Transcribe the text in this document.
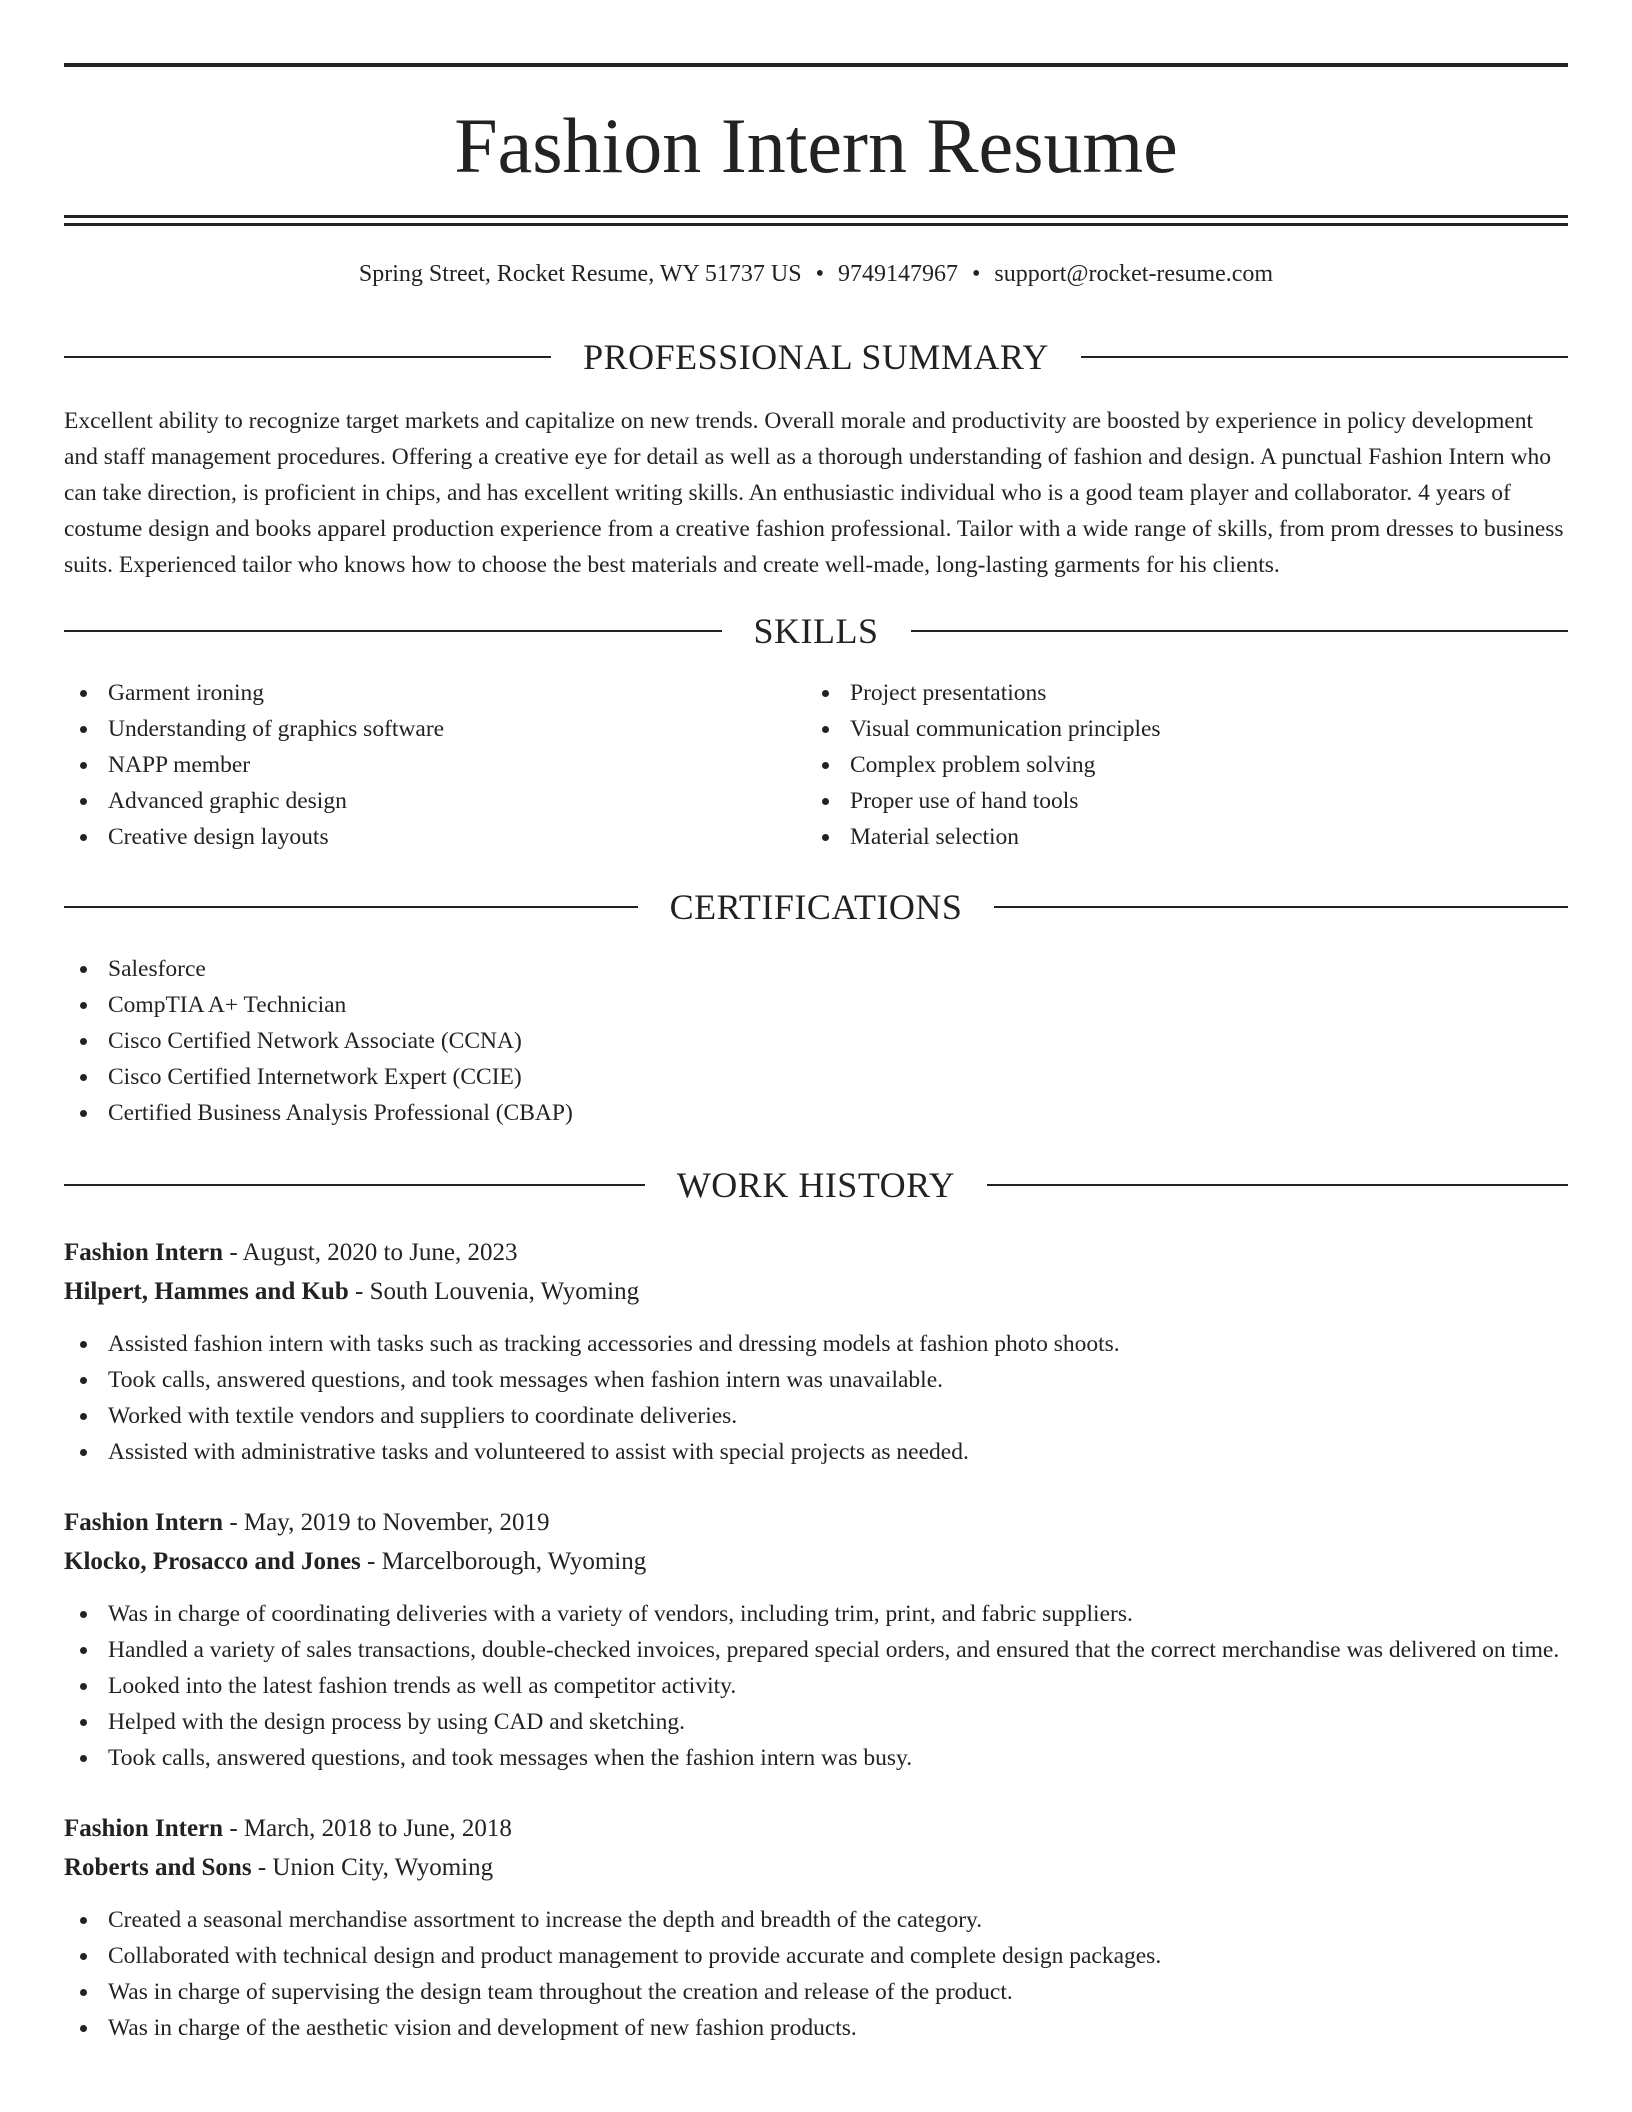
Fashion Intern Resume
Spring Street, Rocket Resume, WY 51737 US • 9749147967 • support@rocket-resume.com
PROFESSIONAL SUMMARY

Excellent ability to recognize target markets and capitalize on new trends. Overall morale and productivity are boosted by experience in policy development and staff management procedures. Offering a creative eye for detail as well as a thorough understanding of fashion and design. A punctual Fashion Intern who can take direction, is proficient in chips, and has excellent writing skills. An enthusiastic individual who is a good team player and collaborator. 4 years of costume design and books apparel production experience from a creative fashion professional. Tailor with a wide range of skills, from prom dresses to business suits. Experienced tailor who knows how to choose the best materials and create well-made, long-lasting garments for his clients.

SKILLS
Garment ironing
Understanding of graphics software
NAPP member
Advanced graphic design
Creative design layouts
Project presentations
Visual communication principles
Complex problem solving
Proper use of hand tools
Material selection
CERTIFICATIONS
Salesforce
CompTIA A+ Technician
Cisco Certified Network Associate (CCNA)
Cisco Certified Internetwork Expert (CCIE)
Certified Business Analysis Professional (CBAP)
WORK HISTORY
Fashion Intern - August, 2020 to June, 2023
Hilpert, Hammes and Kub - South Louvenia, Wyoming
Assisted fashion intern with tasks such as tracking accessories and dressing models at fashion photo shoots.
Took calls, answered questions, and took messages when fashion intern was unavailable.
Worked with textile vendors and suppliers to coordinate deliveries.
Assisted with administrative tasks and volunteered to assist with special projects as needed.
Fashion Intern - May, 2019 to November, 2019
Klocko, Prosacco and Jones - Marcelborough, Wyoming
Was in charge of coordinating deliveries with a variety of vendors, including trim, print, and fabric suppliers.
Handled a variety of sales transactions, double-checked invoices, prepared special orders, and ensured that the correct merchandise was delivered on time.
Looked into the latest fashion trends as well as competitor activity.
Helped with the design process by using CAD and sketching.
Took calls, answered questions, and took messages when the fashion intern was busy.
Fashion Intern - March, 2018 to June, 2018
Roberts and Sons - Union City, Wyoming
Created a seasonal merchandise assortment to increase the depth and breadth of the category.
Collaborated with technical design and product management to provide accurate and complete design packages.
Was in charge of supervising the design team throughout the creation and release of the product.
Was in charge of the aesthetic vision and development of new fashion products.
